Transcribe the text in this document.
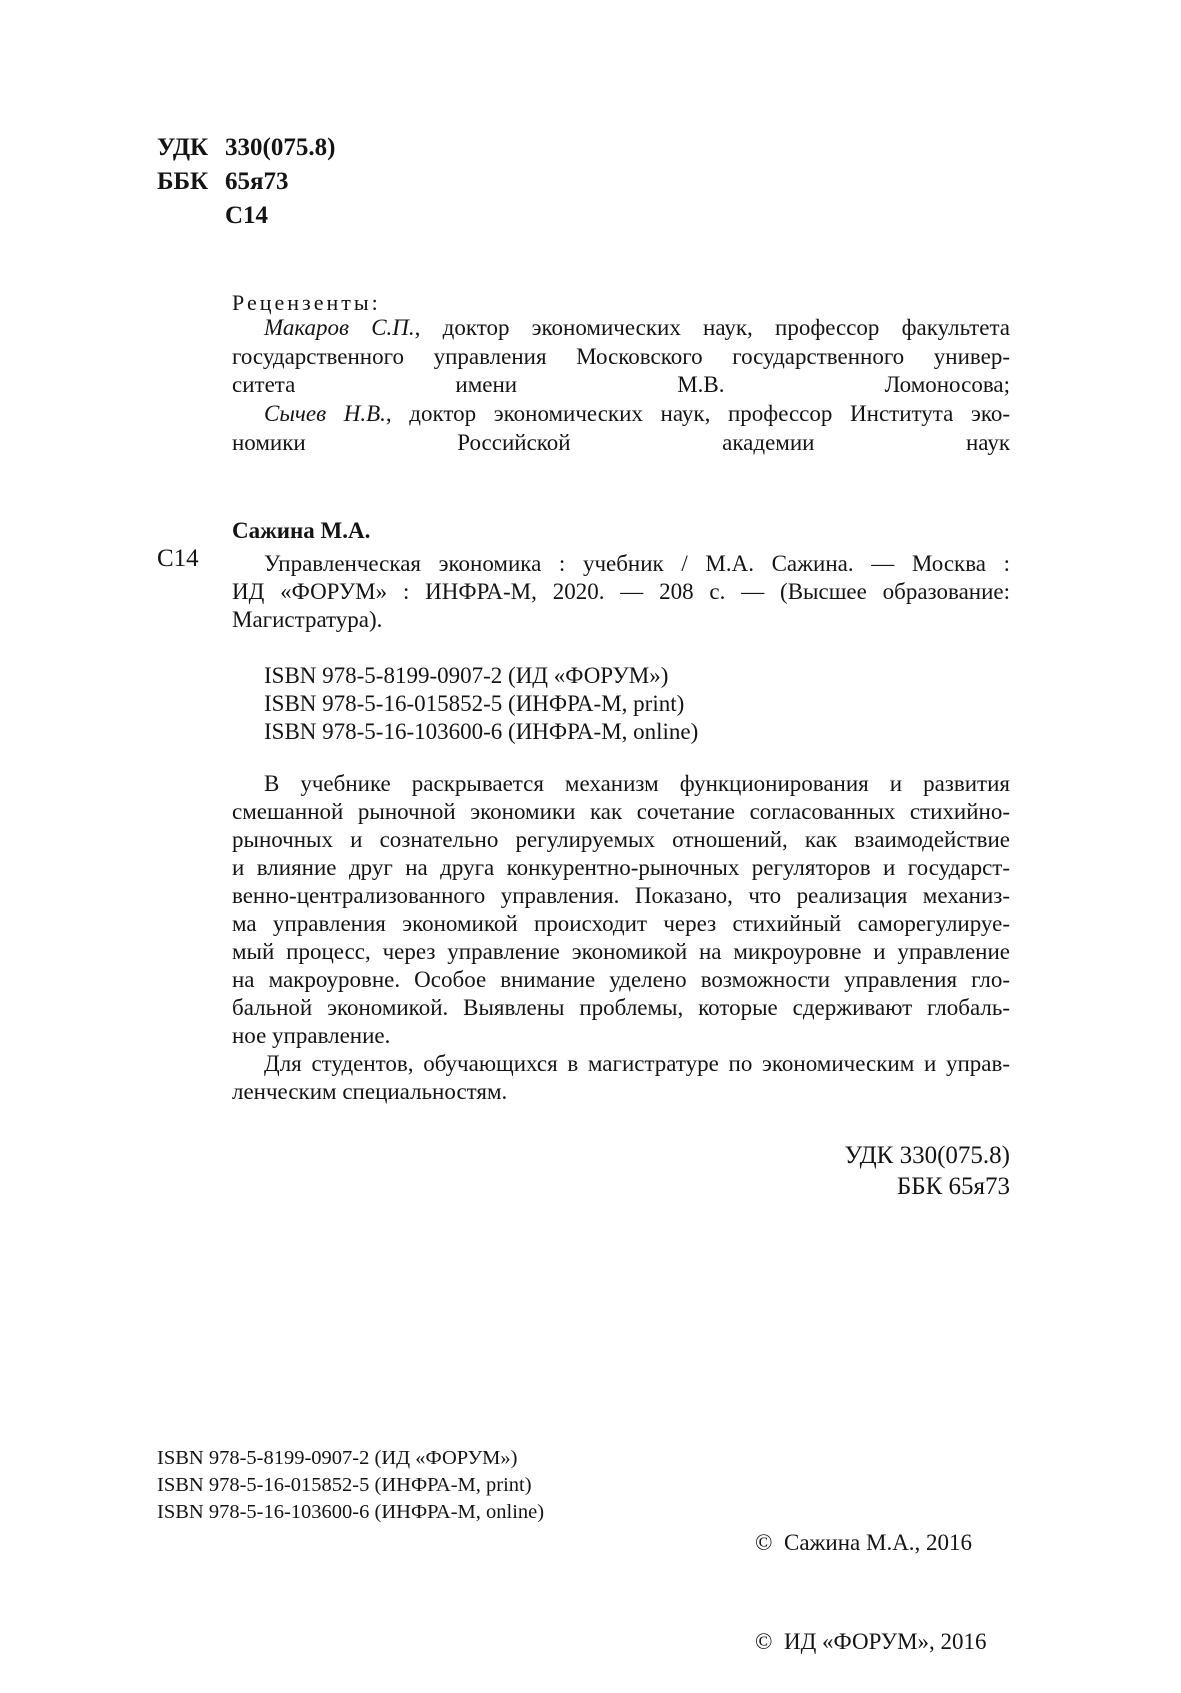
УДК 330(075.8)
ББК 65я73
С14
Рецензенты:
Макаров С.П., доктор экономических наук, профессор факультета
государственного управления Московского государственного универ-
ситета имени М.В. Ломоносова;
Сычев Н.В., доктор экономических наук, профессор Института эко-
номики Российской академии наук
Сажина М.А.
С14	Управленческая экономика : учебник / М.А. Сажина. — Москва :
ИД «ФОРУМ» : ИНФРА-М, 2020. — 208 с. — (Высшее образование:
Магистратура).
ISBN 978-5-8199-0907-2 (ИД «ФОРУМ»)
ISBN 978-5-16-015852-5 (ИНФРА-М, print)
ISBN 978-5-16-103600-6 (ИНФРА-М, online)
В учебнике раскрывается механизм функционирования и развития
смешанной рыночной экономики как сочетание согласованных стихийно-
рыночных и сознательно регулируемых отношений, как взаимодействие
и влияние друг на друга конкурентно-рыночных регуляторов и государст-
венно-централизованного управления. Показано, что реализация механиз-
ма управления экономикой происходит через стихийный саморегулируе-
мый процесс, через управление экономикой на микроуровне и управление
на макроуровне. Особое внимание уделено возможности управления гло-
бальной экономикой. Выявлены проблемы, которые сдерживают глобаль-
ное управление.
Для студентов, обучающихся в магистратуре по экономическим и управ-
ленческим специальностям.
УДК 330(075.8)
ББК 65я73
ISBN 978-5-8199-0907-2 (ИД «ФОРУМ»)
ISBN 978-5-16-015852-5 (ИНФРА-М, print)
ISBN 978-5-16-103600-6 (ИНФРА-М, online)

©  Сажина М.А., 2016

©  ИД «ФОРУМ», 2016
